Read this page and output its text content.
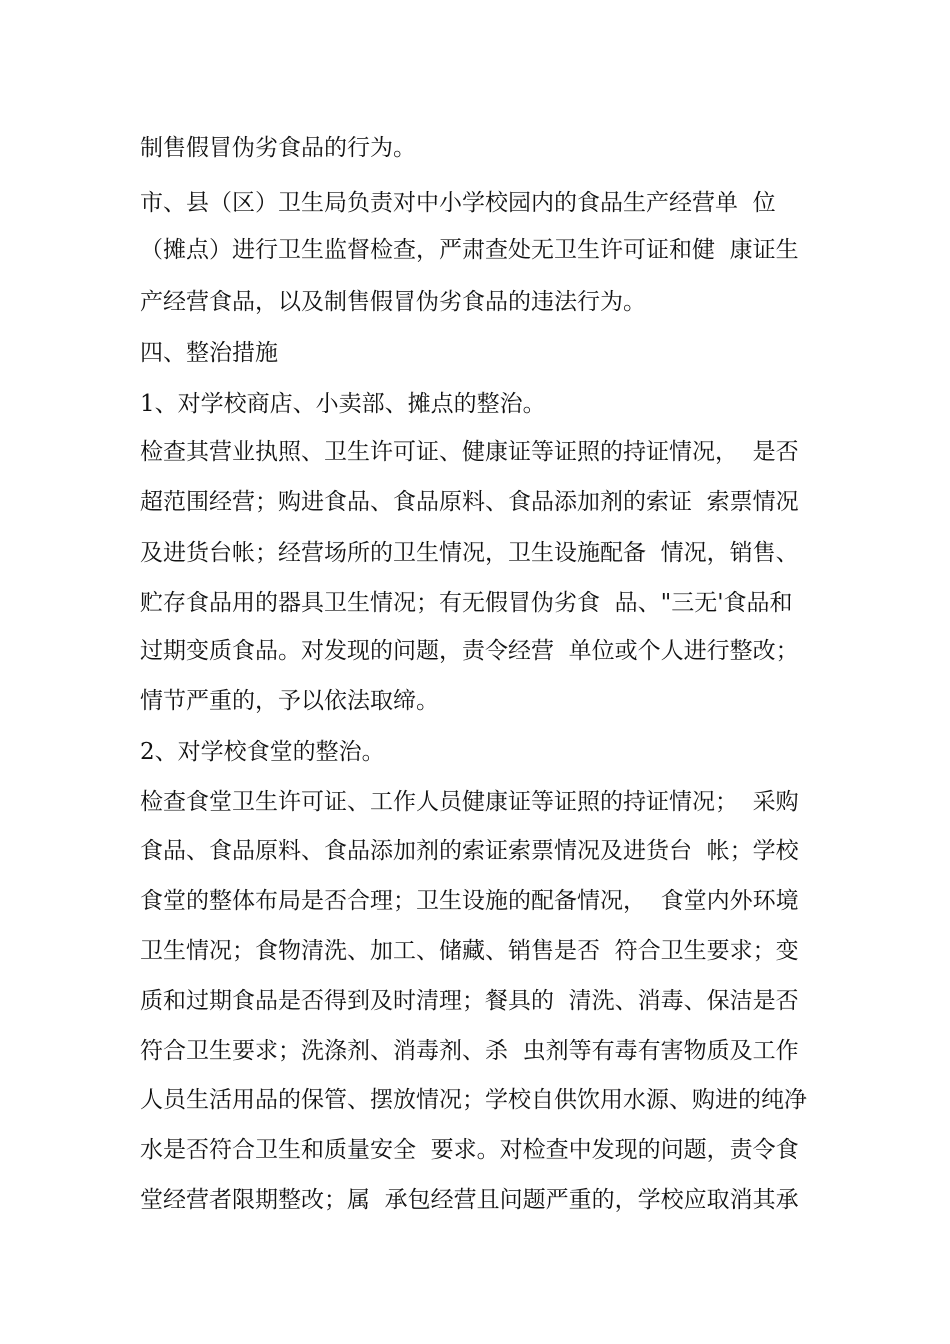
制售假冒伪劣食品的行为。
市、县（区）卫生局负责对中小学校园内的食品生产经营单  位
（摊点）进行卫生监督检查，严肃查处无卫生许可证和健  康证生
产经营食品，以及制售假冒伪劣食品的违法行为。
四、整治措施
1、对学校商店、小卖部、摊点的整治。
检查其营业执照、卫生许可证、健康证等证照的持证情况，  是否
超范围经营；购进食品、食品原料、食品添加剂的索证  索票情况
及进货台帐；经营场所的卫生情况，卫生设施配备  情况，销售、
贮存食品用的器具卫生情况；有无假冒伪劣食  品、"三无'食品和
过期变质食品。对发现的问题，责令经营  单位或个人进行整改；
情节严重的，予以依法取缔。
2、对学校食堂的整治。
检查食堂卫生许可证、工作人员健康证等证照的持证情况；  采购
食品、食品原料、食品添加剂的索证索票情况及进货台  帐；学校
食堂的整体布局是否合理；卫生设施的配备情况，  食堂内外环境
卫生情况；食物清洗、加工、储藏、销售是否  符合卫生要求；变
质和过期食品是否得到及时清理；餐具的  清洗、消毒、保洁是否
符合卫生要求；洗涤剂、消毒剂、杀  虫剂等有毒有害物质及工作
人员生活用品的保管、摆放情况；学校自供饮用水源、购进的纯净
水是否符合卫生和质量安全  要求。对检查中发现的问题，责令食
堂经营者限期整改；属  承包经营且问题严重的，学校应取消其承
